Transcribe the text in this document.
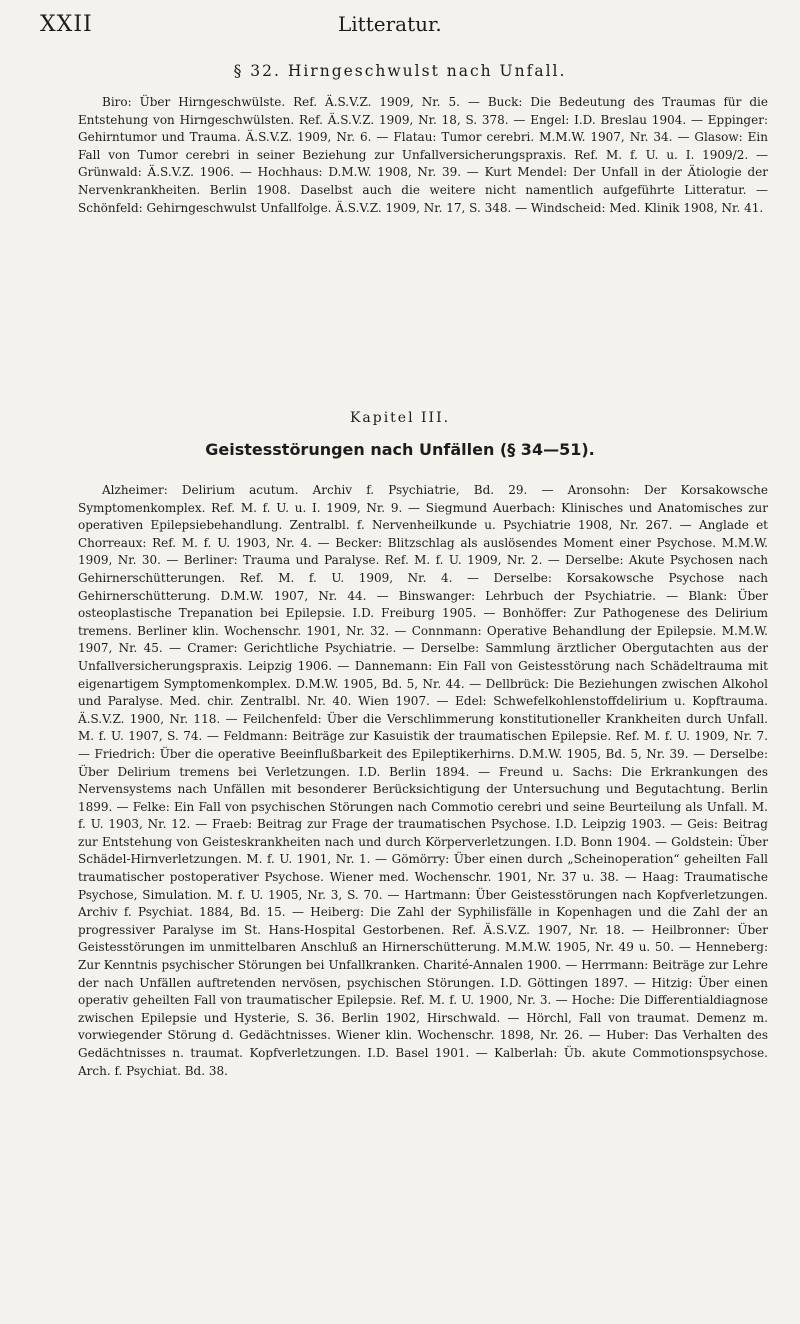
XXII	Litteratur.
§ 32. Hirngeschwulst nach Unfall.

Biro: Über Hirngeschwülste. Ref. Ä.S.V.Z. 1909, Nr. 5. — Buck: Die Bedeutung des Traumas für die Entstehung von Hirngeschwülsten. Ref. Ä.S.V.Z. 1909, Nr. 18, S. 378. — Engel: I.D. Breslau 1904. — Eppinger: Gehirntumor und Trauma. Ä.S.V.Z. 1909, Nr. 6. — Flatau: Tumor cerebri. M.M.W. 1907, Nr. 34. — Glasow: Ein Fall von Tumor cerebri in seiner Beziehung zur Unfallversicherungspraxis. Ref. M. f. U. u. I. 1909/2. — Grünwald: Ä.S.V.Z. 1906. — Hochhaus: D.M.W. 1908, Nr. 39. — Kurt Mendel: Der Unfall in der Ätiologie der Nervenkrankheiten. Berlin 1908. Daselbst auch die weitere nicht namentlich aufgeführte Litteratur. — Schönfeld: Gehirngeschwulst Unfallfolge. Ä.S.V.Z. 1909, Nr. 17, S. 348. — Windscheid: Med. Klinik 1908, Nr. 41.

Kapitel III.
Geistesstörungen nach Unfällen (§ 34—51).

Alzheimer: Delirium acutum. Archiv f. Psychiatrie, Bd. 29. — Aronsohn: Der Korsakowsche Symptomenkomplex. Ref. M. f. U. u. I. 1909, Nr. 9. — Siegmund Auerbach: Klinisches und Anatomisches zur operativen Epilepsiebehandlung. Zentralbl. f. Nervenheilkunde u. Psychiatrie 1908, Nr. 267. — Anglade et Chorreaux: Ref. M. f. U. 1903, Nr. 4. — Becker: Blitzschlag als auslösendes Moment einer Psychose. M.M.W. 1909, Nr. 30. — Berliner: Trauma und Paralyse. Ref. M. f. U. 1909, Nr. 2. — Derselbe: Akute Psychosen nach Gehirnerschütterungen. Ref. M. f. U. 1909, Nr. 4. — Derselbe: Korsakowsche Psychose nach Gehirnerschütterung. D.M.W. 1907, Nr. 44. — Binswanger: Lehrbuch der Psychiatrie. — Blank: Über osteoplastische Trepanation bei Epilepsie. I.D. Freiburg 1905. — Bonhöffer: Zur Pathogenese des Delirium tremens. Berliner klin. Wochenschr. 1901, Nr. 32. — Connmann: Operative Behandlung der Epilepsie. M.M.W. 1907, Nr. 45. — Cramer: Gerichtliche Psychiatrie. — Derselbe: Sammlung ärztlicher Obergutachten aus der Unfallversicherungspraxis. Leipzig 1906. — Dannemann: Ein Fall von Geistesstörung nach Schädeltrauma mit eigenartigem Symptomenkomplex. D.M.W. 1905, Bd. 5, Nr. 44. — Dellbrück: Die Beziehungen zwischen Alkohol und Paralyse. Med. chir. Zentralbl. Nr. 40. Wien 1907. — Edel: Schwefelkohlenstoffdelirium u. Kopftrauma. Ä.S.V.Z. 1900, Nr. 118. — Feilchenfeld: Über die Verschlimmerung konstitutioneller Krankheiten durch Unfall. M. f. U. 1907, S. 74. — Feldmann: Beiträge zur Kasuistik der traumatischen Epilepsie. Ref. M. f. U. 1909, Nr. 7. — Friedrich: Über die operative Beeinflußbarkeit des Epileptikerhirns. D.M.W. 1905, Bd. 5, Nr. 39. — Derselbe: Über Delirium tremens bei Verletzungen. I.D. Berlin 1894. — Freund u. Sachs: Die Erkrankungen des Nervensystems nach Unfällen mit besonderer Berücksichtigung der Untersuchung und Begutachtung. Berlin 1899. — Felke: Ein Fall von psychischen Störungen nach Commotio cerebri und seine Beurteilung als Unfall. M. f. U. 1903, Nr. 12. — Fraeb: Beitrag zur Frage der traumatischen Psychose. I.D. Leipzig 1903. — Geis: Beitrag zur Entstehung von Geisteskrankheiten nach und durch Körperverletzungen. I.D. Bonn 1904. — Goldstein: Über Schädel-Hirnverletzungen. M. f. U. 1901, Nr. 1. — Gömörry: Über einen durch „Scheinoperation“ geheilten Fall traumatischer postoperativer Psychose. Wiener med. Wochenschr. 1901, Nr. 37 u. 38. — Haag: Traumatische Psychose, Simulation. M. f. U. 1905, Nr. 3, S. 70. — Hartmann: Über Geistesstörungen nach Kopfverletzungen. Archiv f. Psychiat. 1884, Bd. 15. — Heiberg: Die Zahl der Syphilisfälle in Kopenhagen und die Zahl der an progressiver Paralyse im St. Hans-Hospital Gestorbenen. Ref. Ä.S.V.Z. 1907, Nr. 18. — Heilbronner: Über Geistesstörungen im unmittelbaren Anschluß an Hirnerschütterung. M.M.W. 1905, Nr. 49 u. 50. — Henneberg: Zur Kenntnis psychischer Störungen bei Unfallkranken. Charité-Annalen 1900. — Herrmann: Beiträge zur Lehre der nach Unfällen auftretenden nervösen, psychischen Störungen. I.D. Göttingen 1897. — Hitzig: Über einen operativ geheilten Fall von traumatischer Epilepsie. Ref. M. f. U. 1900, Nr. 3. — Hoche: Die Differentialdiagnose zwischen Epilepsie und Hysterie, S. 36. Berlin 1902, Hirschwald. — Hörchl, Fall von traumat. Demenz m. vorwiegender Störung d. Gedächtnisses. Wiener klin. Wochenschr. 1898, Nr. 26. — Huber: Das Verhalten des Gedächtnisses n. traumat. Kopfverletzungen. I.D. Basel 1901. — Kalberlah: Üb. akute Commotionspsychose. Arch. f. Psychiat. Bd. 38.
